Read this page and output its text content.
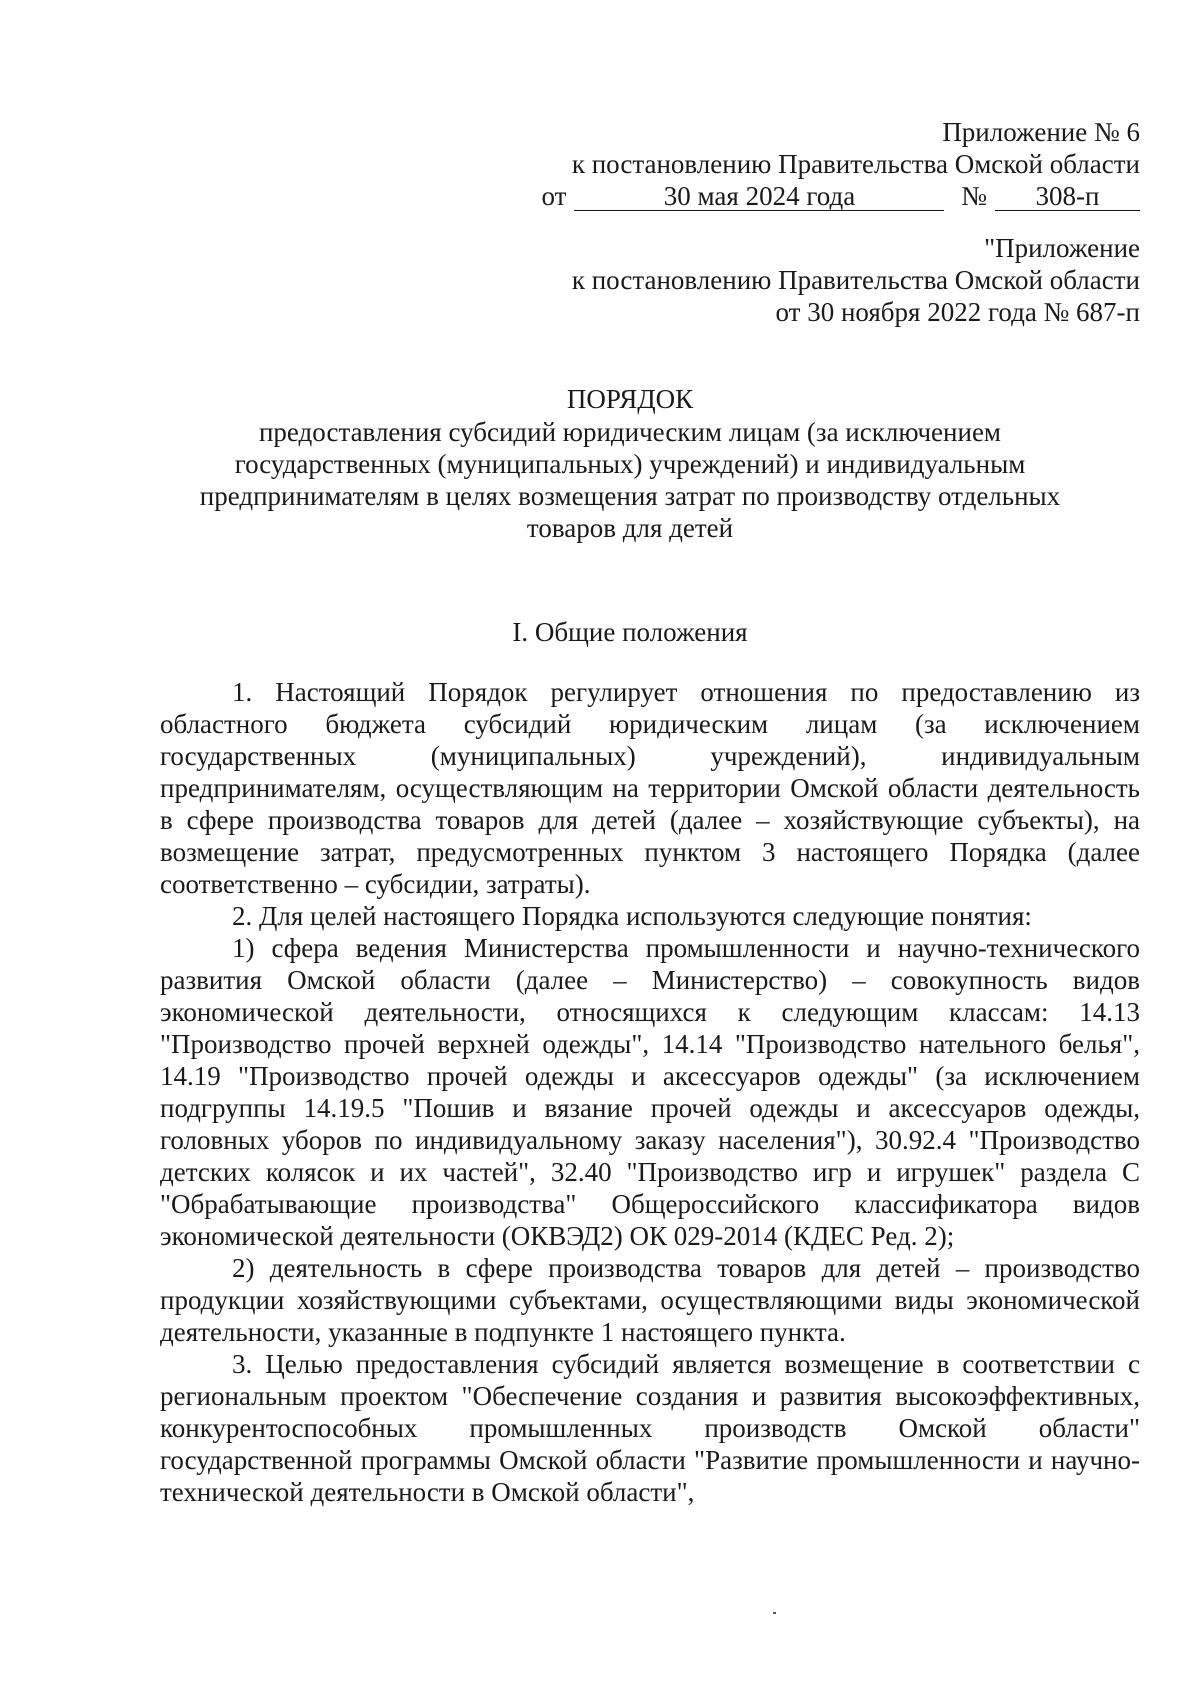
Приложение № 6
к постановлению Правительства Омской области
от	30 мая 2024 года	№ 308-п
"Приложение
к постановлению Правительства Омской области
от 30 ноября 2022 года № 687-п
ПОРЯДОК
предоставления субсидий юридическим лицам (за исключением
государственных (муниципальных) учреждений) и индивидуальным
предпринимателям в целях возмещения затрат по производству отдельных
товаров для детей
I. Общие положения

1. Настоящий Порядок регулирует отношения по предоставлению из областного бюджета субсидий юридическим лицам (за исключением государственных (муниципальных) учреждений), индивидуальным предпринимателям, осуществляющим на территории Омской области деятельность в сфере производства товаров для детей (далее – хозяйствующие субъекты), на возмещение затрат, предусмотренных пунктом 3 настоящего Порядка (далее соответственно – субсидии, затраты).

2. Для целей настоящего Порядка используются следующие понятия:

1) сфера ведения Министерства промышленности и научно-технического развития Омской области (далее – Министерство) – совокупность видов экономической деятельности, относящихся к следующим классам: 14.13 "Производство прочей верхней одежды", 14.14 "Производство нательного белья", 14.19 "Производство прочей одежды и аксессуаров одежды" (за исключением подгруппы 14.19.5 "Пошив и вязание прочей одежды и аксессуаров одежды, головных уборов по индивидуальному заказу населения"), 30.92.4 "Производство детских колясок и их частей", 32.40 "Производство игр и игрушек" раздела C "Обрабатывающие производства" Общероссийского классификатора видов экономической деятельности (ОКВЭД2) ОК 029-2014 (КДЕС Ред. 2);

2) деятельность в сфере производства товаров для детей – производство продукции хозяйствующими субъектами, осуществляющими виды экономической деятельности, указанные в подпункте 1 настоящего пункта.

3. Целью предоставления субсидий является возмещение в соответствии с региональным проектом "Обеспечение создания и развития высокоэффективных, конкурентоспособных промышленных производств Омской области" государственной программы Омской области "Развитие промышленности и научно-технической деятельности в Омской области",
